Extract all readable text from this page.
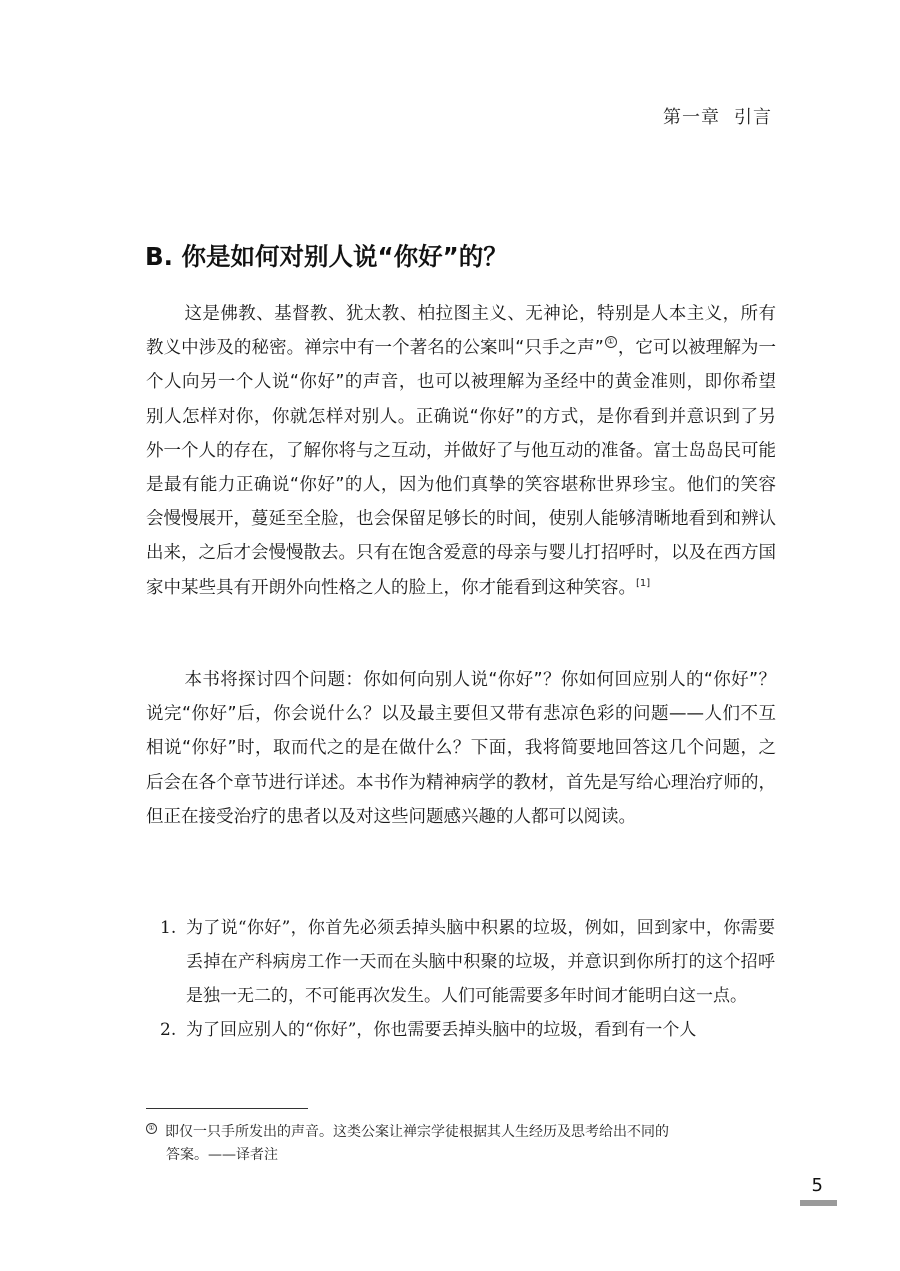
第一章 引言
B. 你是如何对别人说“你好”的？

这是佛教、基督教、犹太教、柏拉图主义、无神论，特别是人本主义，所有教义中涉及的秘密。禅宗中有一个著名的公案叫“只手之声” ① ，它可以被理解为一个人向另一个人说“你好”的声音，也可以被理解为圣经中的黄金准则，即你希望别人怎样对你，你就怎样对别人。正确说“你好”的方式，是你看到并意识到了另外一个人的存在，了解你将与之互动，并做好了与他互动的准备。富士岛岛民可能是最有能力正确说“你好”的人，因为他们真挚的笑容堪称世界珍宝。他们的笑容会慢慢展开，蔓延至全脸，也会保留足够长的时间，使别人能够清晰地看到和辨认出来，之后才会慢慢散去。只有在饱含爱意的母亲与婴儿打招呼时，以及在西方国家中某些具有开朗外向性格之人的脸上，你才能看到这种笑容。[1]

本书将探讨四个问题：你如何向别人说“你好”？你如何回应别人的“你好”？说完“你好”后，你会说什么？以及最主要但又带有悲凉色彩的问题——人们不互相说“你好”时，取而代之的是在做什么？下面，我将简要地回答这几个问题，之后会在各个章节进行详述。本书作为精神病学的教材，首先是写给心理治疗师的，但正在接受治疗的患者以及对这些问题感兴趣的人都可以阅读。

1. 为了说“你好”，你首先必须丢掉头脑中积累的垃圾，例如，回到家中，你需要丢掉在产科病房工作一天而在头脑中积聚的垃圾，并意识到你所打的这个招呼是独一无二的，不可能再次发生。人们可能需要多年时间才能明白这一点。
2. 为了回应别人的“你好”，你也需要丢掉头脑中的垃圾，看到有一个人
① 即仅一只手所发出的声音。这类公案让禅宗学徒根据其人生经历及思考给出不同的
答案。——译者注
5
